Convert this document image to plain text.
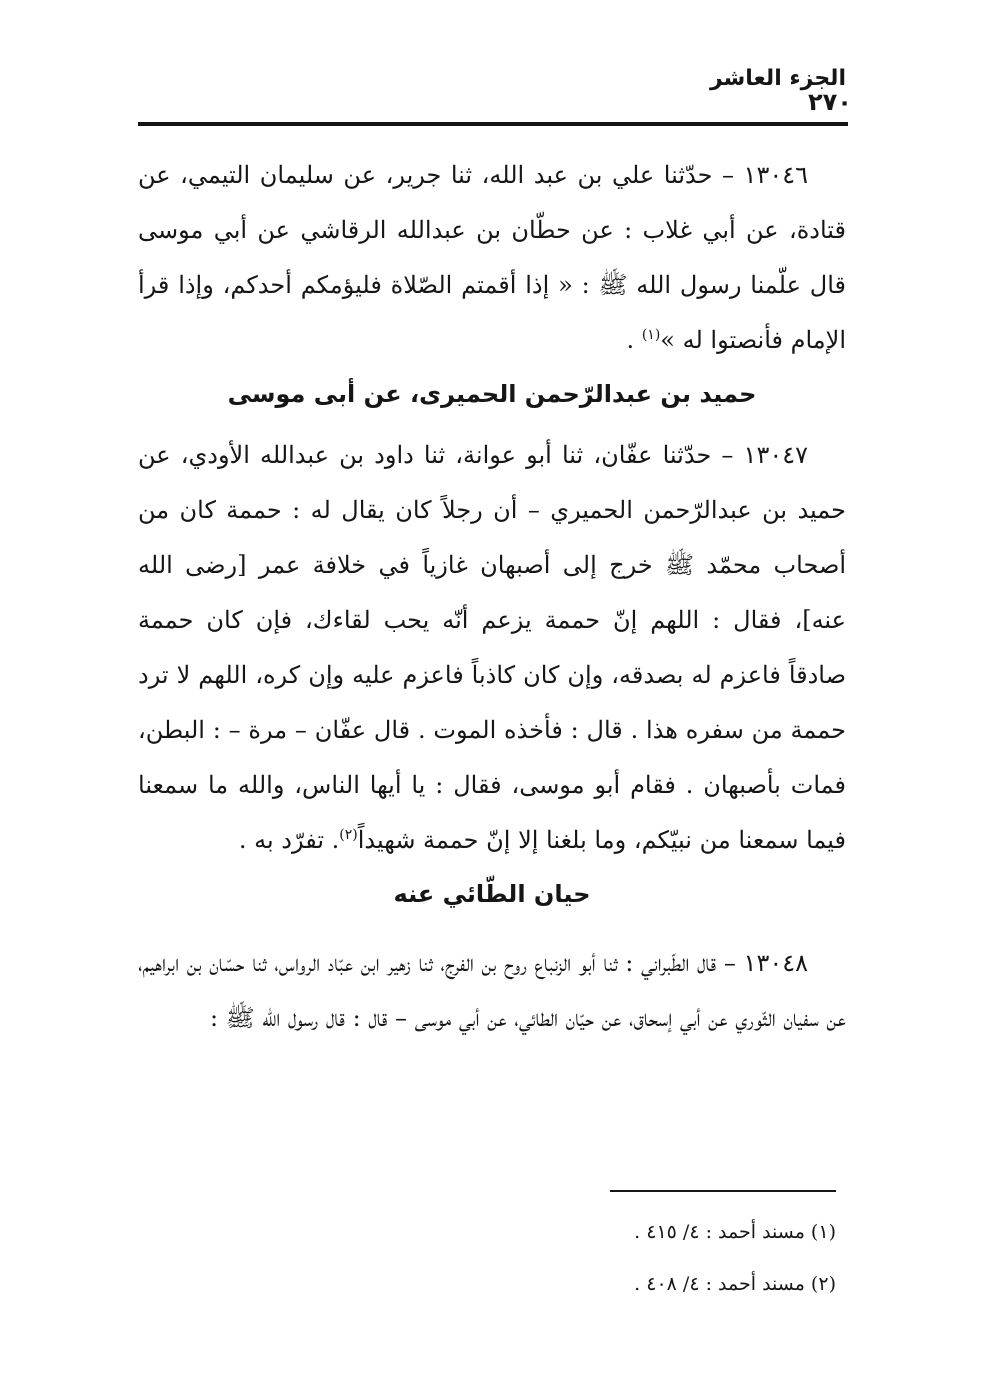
الجزء العاشر
٢٧٠

١٣٠٤٦ – حدّثنا علي بن عبد الله، ثنا جرير، عن سليمان التيمي، عن قتادة، عن أبي غلاب : عن حطّان بن عبدالله الرقاشي عن أبي موسى قال علّمنا رسول الله ﷺ : « إذا أقمتم الصّلاة فليؤمكم أحدكم، وإذا قرأ الإمام فأنصتوا له »$^{(١)}$ .

حميد بن عبدالرّحمن الحميرى، عن أبى موسى

١٣٠٤٧ – حدّثنا عفّان، ثنا أبو عوانة، ثنا داود بن عبدالله الأودي، عن حميد بن عبدالرّحمن الحميري – أن رجلاً كان يقال له : حممة كان من أصحاب محمّد ﷺ خرج إلى أصبهان غازياً في خلافة عمر [رضى الله عنه]، فقال : اللهم إنّ حممة يزعم أنّه يحب لقاءك، فإن كان حممة صادقاً فاعزم له بصدقه، وإن كان كاذباً فاعزم عليه وإن كره، اللهم لا ترد حممة من سفره هذا . قال : فأخذه الموت . قال عفّان – مرة – : البطن، فمات بأصبهان . فقام أبو موسى، فقال : يا أيها الناس، والله ما سمعنا فيما سمعنا من نبيّكم، وما بلغنا إلا إنّ حممة شهيداً$^{(٢)}$. تفرّد به .

حيان الطّائي عنه

١٣٠٤٨ – قال الطّبراني : ثنا أبو الزنباع روح بن الفرج، ثنا زهير ابن عبّاد الرواس، ثنا حسّان بن ابراهيم، عن سفيان الثّوري عن أبي إسحاق، عن حيّان الطائي، عن أبي موسى – قال : قال رسول الله ﷺ :

(١) مسند أحمد : ٤/ ٤١٥ .
(٢) مسند أحمد : ٤/ ٤٠٨ .
